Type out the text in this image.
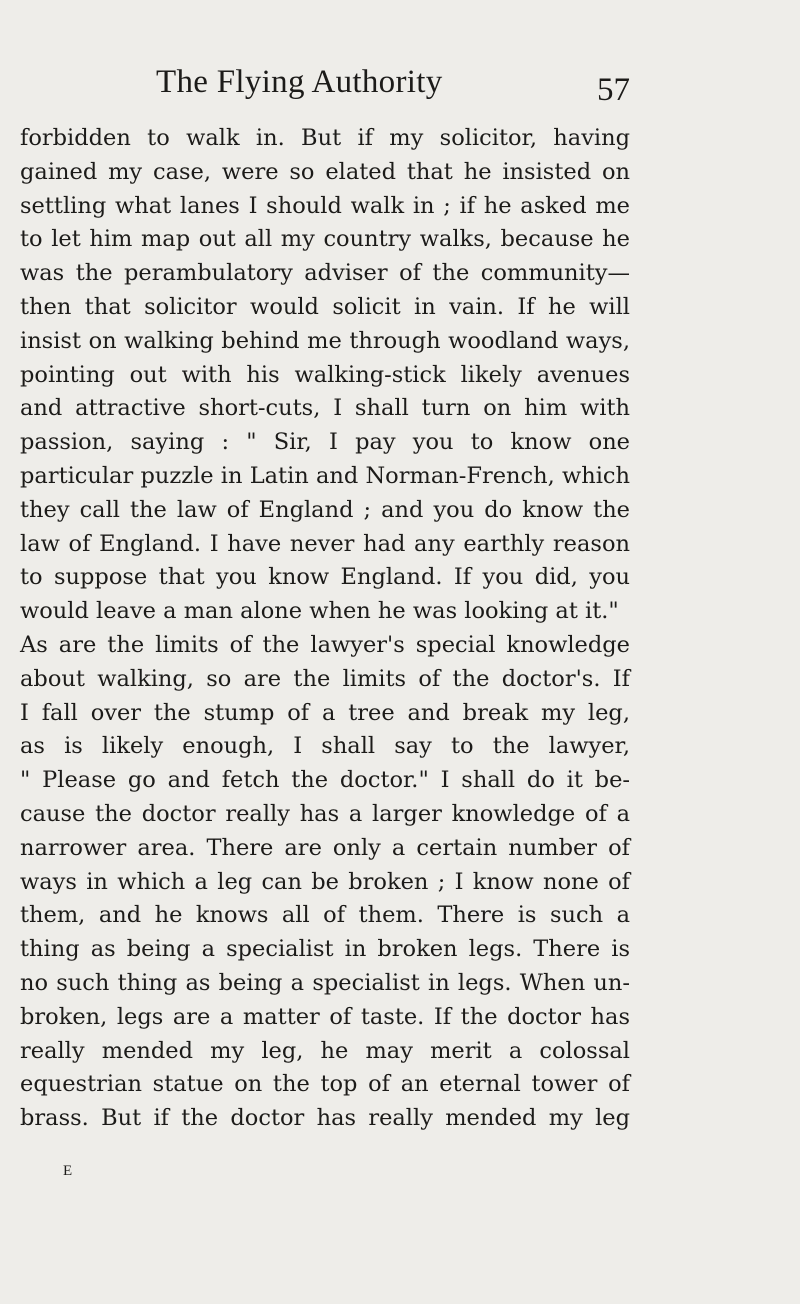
The Flying Authority	57
forbidden to walk in. But if my solicitor, having
gained my case, were so elated that he insisted on
settling what lanes I should walk in ; if he asked me
to let him map out all my country walks, because he
was the perambulatory adviser of the community—
then that solicitor would solicit in vain. If he will
insist on walking behind me through woodland ways,
pointing out with his walking-stick likely avenues
and attractive short-cuts, I shall turn on him with
passion, saying : " Sir, I pay you to know one
particular puzzle in Latin and Norman-French, which
they call the law of England ; and you do know the
law of England. I have never had any earthly reason
to suppose that you know England. If you did, you
would leave a man alone when he was looking at it."
As are the limits of the lawyer's special knowledge
about walking, so are the limits of the doctor's. If
I fall over the stump of a tree and break my leg,
as is likely enough, I shall say to the lawyer,
" Please go and fetch the doctor." I shall do it be-
cause the doctor really has a larger knowledge of a
narrower area. There are only a certain number of
ways in which a leg can be broken ; I know none of
them, and he knows all of them. There is such a
thing as being a specialist in broken legs. There is
no such thing as being a specialist in legs. When un-
broken, legs are a matter of taste. If the doctor has
really mended my leg, he may merit a colossal
equestrian statue on the top of an eternal tower of
brass. But if the doctor has really mended my leg
E
